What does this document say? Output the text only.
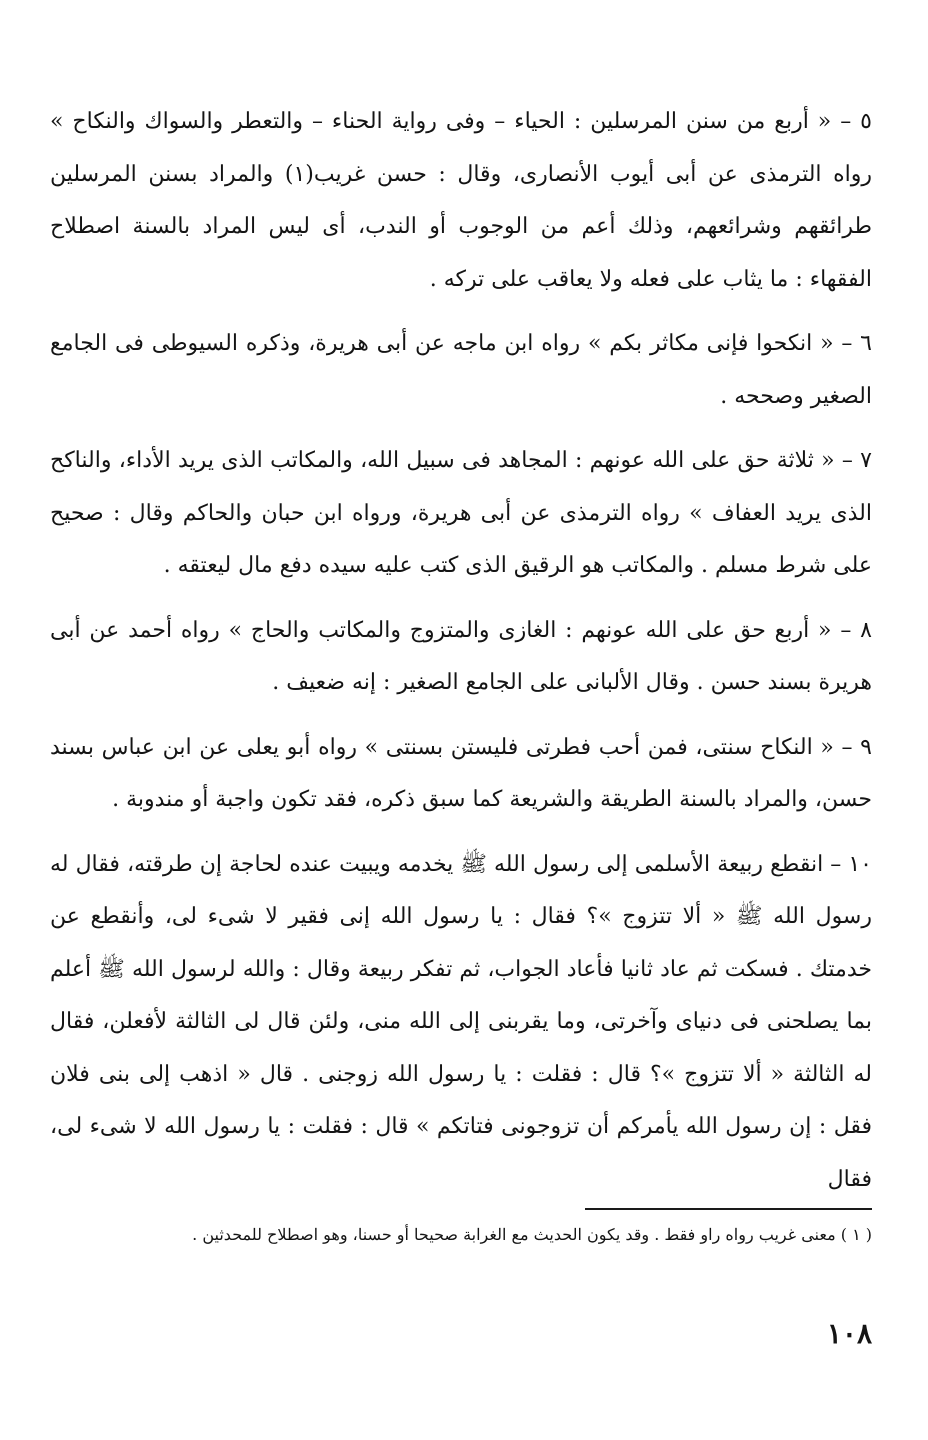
٥ – « أربع من سنن المرسلين : الحياء – وفى رواية الحناء – والتعطر والسواك والنكاح » رواه الترمذى عن أبى أيوب الأنصارى، وقال : حسن غريب(١) والمراد بسنن المرسلين طرائقهم وشرائعهم، وذلك أعم من الوجوب أو الندب، أى ليس المراد بالسنة اصطلاح الفقهاء : ما يثاب على فعله ولا يعاقب على تركه .

٦ – « انكحوا فإنى مكاثر بكم » رواه ابن ماجه عن أبى هريرة، وذكره السيوطى فى الجامع الصغير وصححه .

٧ – « ثلاثة حق على الله عونهم : المجاهد فى سبيل الله، والمكاتب الذى يريد الأداء، والناكح الذى يريد العفاف » رواه الترمذى عن أبى هريرة، ورواه ابن حبان والحاكم وقال : صحيح على شرط مسلم . والمكاتب هو الرقيق الذى كتب عليه سيده دفع مال ليعتقه .

٨ – « أربع حق على الله عونهم : الغازى والمتزوج والمكاتب والحاج » رواه أحمد عن أبى هريرة بسند حسن . وقال الألبانى على الجامع الصغير : إنه ضعيف .

٩ – « النكاح سنتى، فمن أحب فطرتى فليستن بسنتى » رواه أبو يعلى عن ابن عباس بسند حسن، والمراد بالسنة الطريقة والشريعة كما سبق ذكره، فقد تكون واجبة أو مندوبة .

١٠ – انقطع ربيعة الأسلمى إلى رسول الله ﷺ يخدمه ويبيت عنده لحاجة إن طرقته، فقال له رسول الله ﷺ « ألا تتزوج »؟ فقال : يا رسول الله إنى فقير لا شىء لى، وأنقطع عن خدمتك . فسكت ثم عاد ثانيا فأعاد الجواب، ثم تفكر ربيعة وقال : والله لرسول الله ﷺ أعلم بما يصلحنى فى دنياى وآخرتى، وما يقربنى إلى الله منى، ولئن قال لى الثالثة لأفعلن، فقال له الثالثة « ألا تتزوج »؟ قال : فقلت : يا رسول الله زوجنى . قال « اذهب إلى بنى فلان فقل : إن رسول الله يأمركم أن تزوجونى فتاتكم » قال : فقلت : يا رسول الله لا شىء لى، فقال

( ١ ) معنى غريب رواه راو فقط . وقد يكون الحديث مع الغرابة صحيحا أو حسنا، وهو اصطلاح للمحدثين .
١٠٨
